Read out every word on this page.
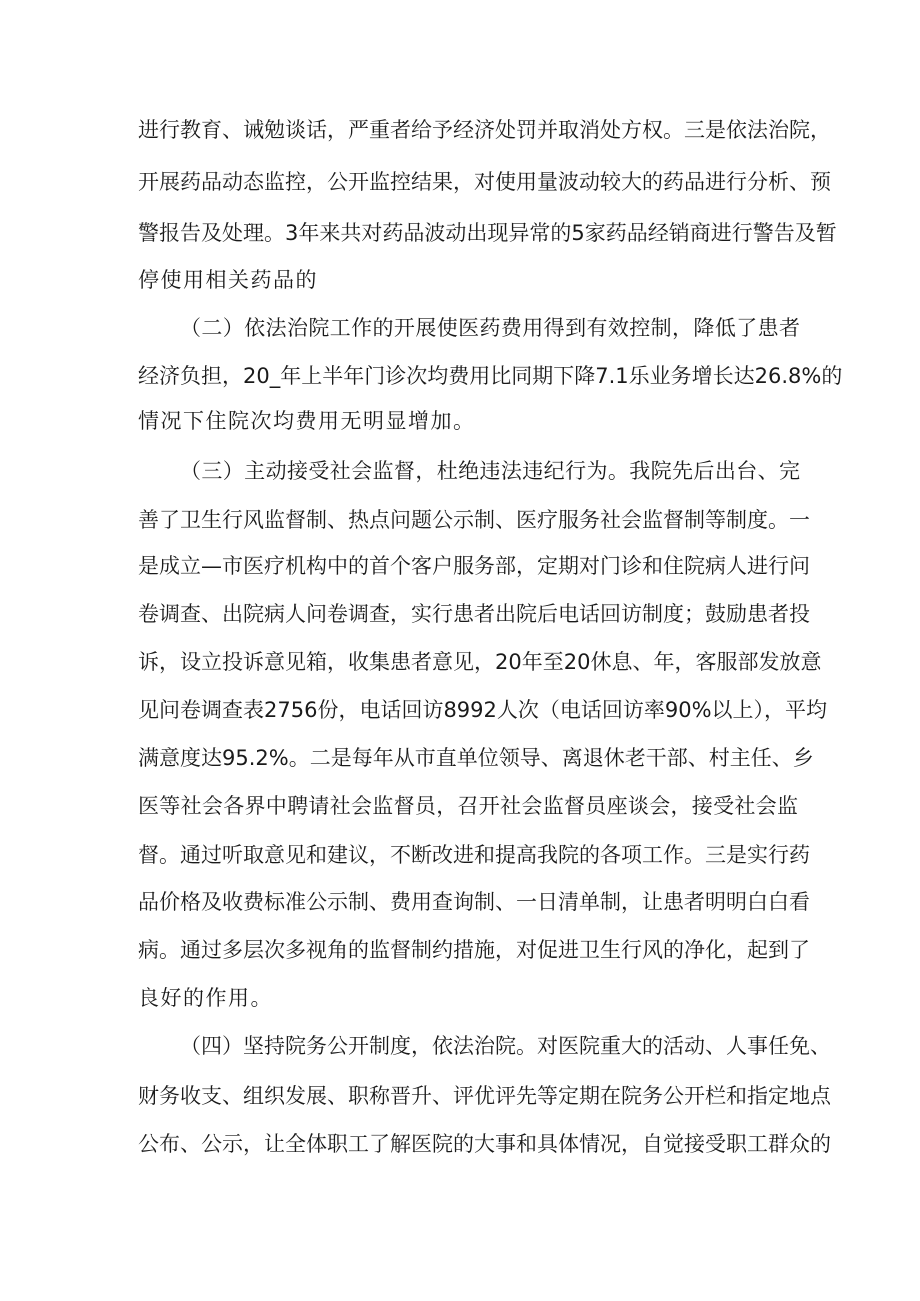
进行教育、诫勉谈话，严重者给予经济处罚并取消处方权。三是依法治院，
开展药品动态监控，公开监控结果，对使用量波动较大的药品进行分析、预
警报告及处理。3年来共对药品波动出现异常的5家药品经销商进行警告及暂
停使用相关药品的
（二）依法治院工作的开展使医药费用得到有效控制，降低了患者
经济负担，20_年上半年门诊次均费用比同期下降7.1乐业务增长达26.8%的
情况下住院次均费用无明显增加。
（三）主动接受社会监督，杜绝违法违纪行为。我院先后出台、完
善了卫生行风监督制、热点问题公示制、医疗服务社会监督制等制度。一
是成立—市医疗机构中的首个客户服务部，定期对门诊和住院病人进行问
卷调查、出院病人问卷调查，实行患者出院后电话回访制度；鼓励患者投
诉，设立投诉意见箱，收集患者意见，20年至20休息、年，客服部发放意
见问卷调查表2756份，电话回访8992人次（电话回访率90%以上），平均
满意度达95.2%。二是每年从市直单位领导、离退休老干部、村主任、乡
医等社会各界中聘请社会监督员，召开社会监督员座谈会，接受社会监
督。通过听取意见和建议，不断改进和提高我院的各项工作。三是实行药
品价格及收费标准公示制、费用查询制、一日清单制，让患者明明白白看
病。通过多层次多视角的监督制约措施，对促进卫生行风的净化，起到了
良好的作用。
（四）坚持院务公开制度，依法治院。对医院重大的活动、人事任免、
财务收支、组织发展、职称晋升、评优评先等定期在院务公开栏和指定地点
公布、公示，让全体职工了解医院的大事和具体情况，自觉接受职工群众的
